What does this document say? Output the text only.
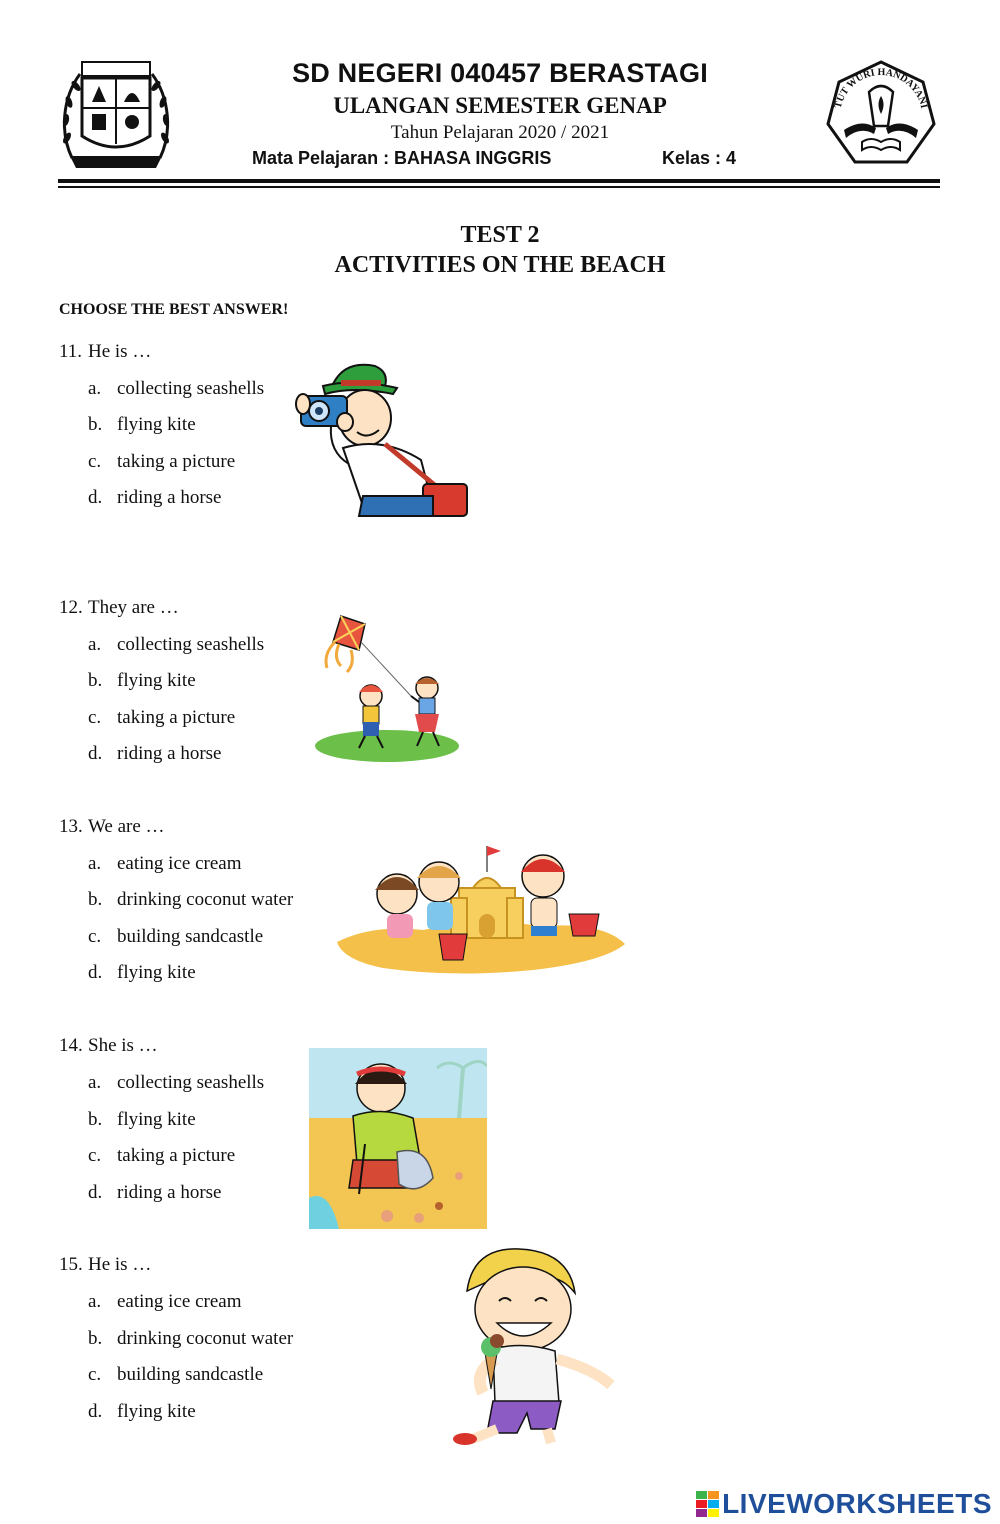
SD NEGERI 040457 BERASTAGI
ULANGAN SEMESTER GENAP
Tahun Pelajaran 2020 / 2021
Mata Pelajaran : BAHASA INGGRIS	Kelas : 4
TUT WURI HANDAYANI
TEST 2
ACTIVITIES ON THE BEACH
CHOOSE THE BEST ANSWER!
11. He is …
a. collecting seashells
b. flying kite
c. taking a picture
d. riding a horse
12. They are …
a. collecting seashells
b. flying kite
c. taking a picture
d. riding a horse
13. We are …
a. eating ice cream
b. drinking coconut water
c. building sandcastle
d. flying kite
14. She is …
a. collecting seashells
b. flying kite
c. taking a picture
d. riding a horse
15. He is …
a. eating ice cream
b. drinking coconut water
c. building sandcastle
d. flying kite
LIVEWORKSHEETS
